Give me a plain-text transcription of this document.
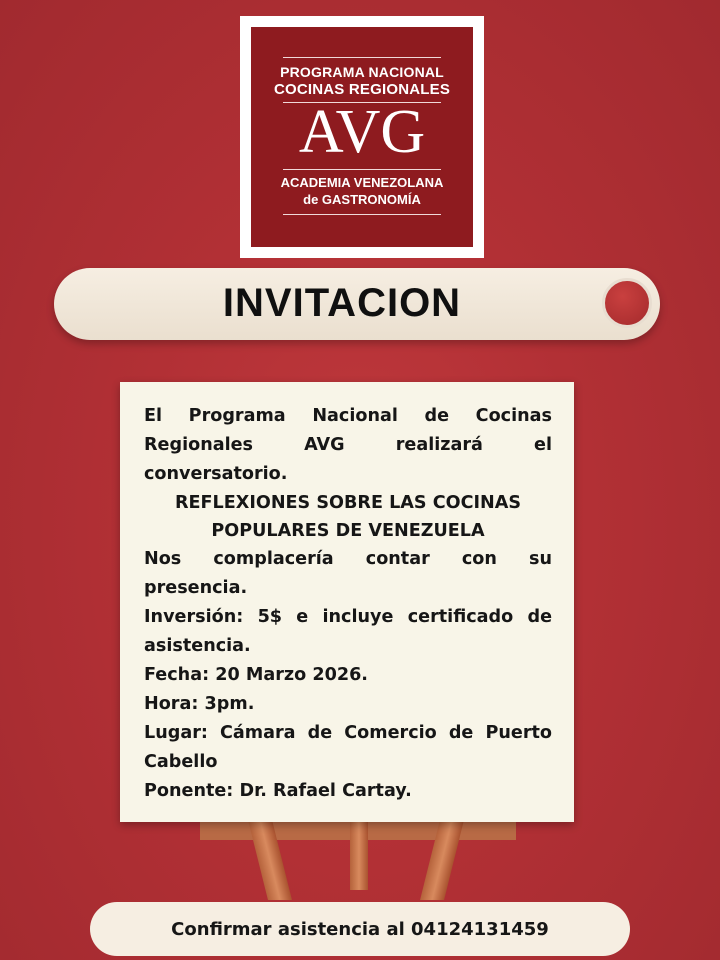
PROGRAMA NACIONAL
COCINAS REGIONALES
AVG
ACADEMIA VENEZOLANA
de GASTRONOMÍA
INVITACION

El Programa Nacional de Cocinas Regionales AVG realizará el conversatorio.

REFLEXIONES SOBRE LAS COCINAS POPULARES DE VENEZUELA

Nos complacería contar con su presencia.

Inversión: 5$ e incluye certificado de asistencia.

Fecha: 20 Marzo 2026.

Hora: 3pm.

Lugar: Cámara de Comercio de Puerto Cabello

Ponente: Dr. Rafael Cartay.

Confirmar asistencia al 04124131459
